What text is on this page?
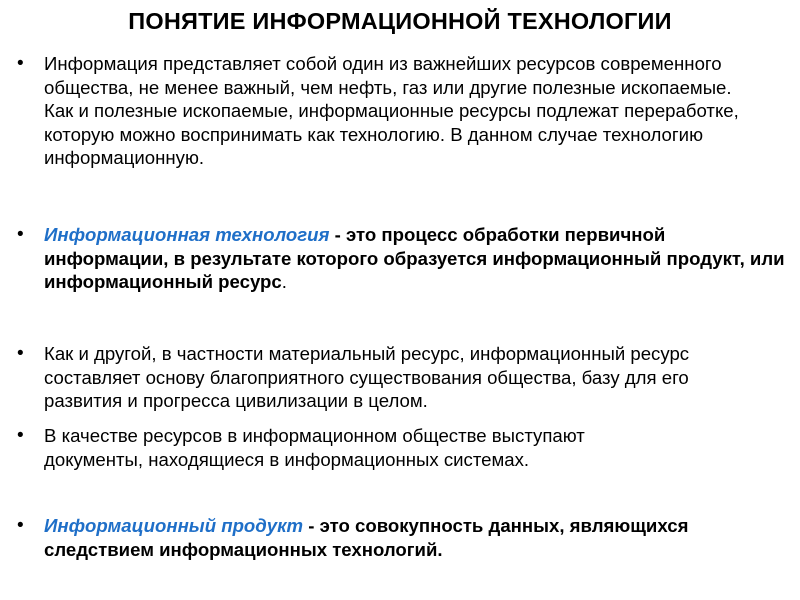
ПОНЯТИЕ ИНФОРМАЦИОННОЙ ТЕХНОЛОГИИ
• Информация представляет собой один из важнейших ресурсов современного общества, не менее важный, чем нефть, газ или другие полезные ископаемые. Как и полезные ископаемые, информационные ресурсы подлежат переработке, которую можно воспринимать как технологию. В данном случае технологию информационную.

• Информационная технология - это процесс обработки первичной информации, в результате которого образуется информационный продукт, или информационный ресурс.

• Как и другой, в частности материальный ресурс, информационный ресурс составляет основу благоприятного существования общества, базу для его развития и прогресса цивилизации в целом.

• В качестве ресурсов в информационном обществе выступают документы, находящиеся в информационных системах.

• Информационный продукт - это совокупность данных, являющихся следствием информационных технологий.
